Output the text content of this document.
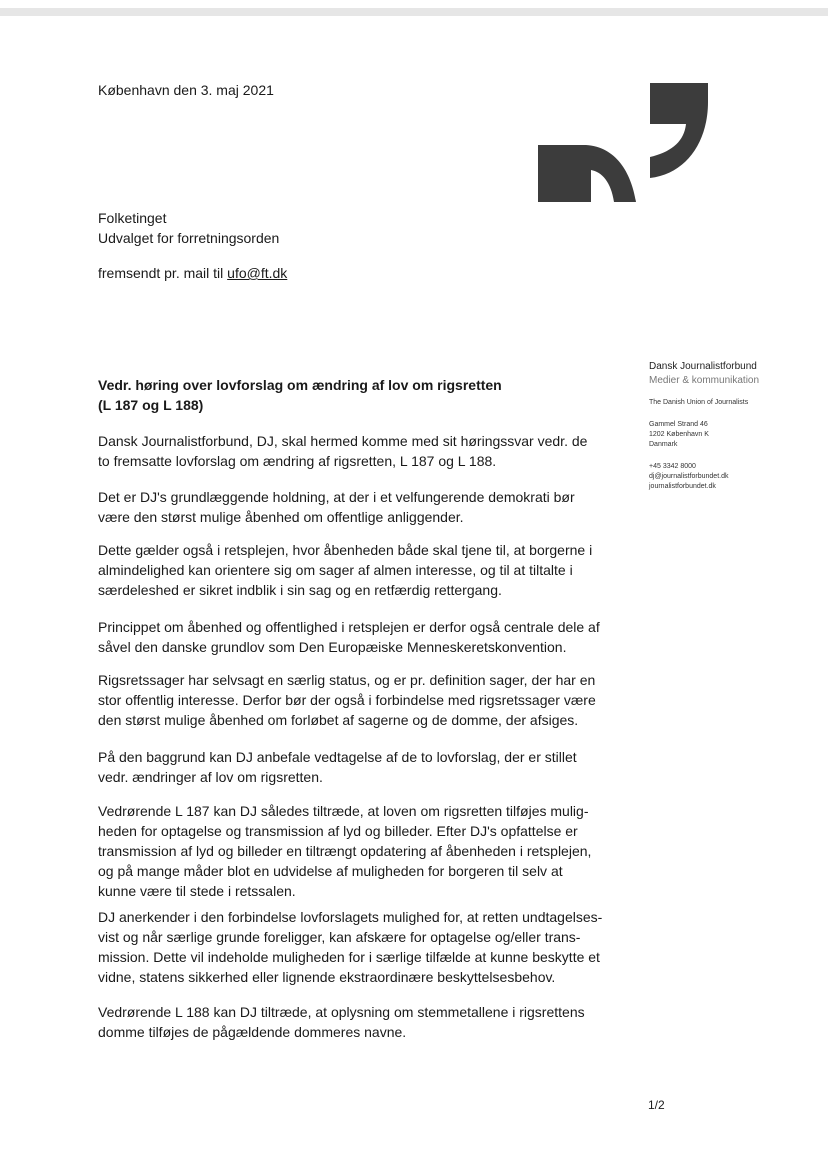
København den 3. maj 2021
Folketinget
Udvalget for forretningsorden
fremsendt pr. mail til ufo@ft.dk
Dansk Journalistforbund
Medier & kommunikation
The Danish Union of Journalists
Gammel Strand 46
1202 København K
Danmark
+45 3342 8000
dj@journalistforbundet.dk
journalistforbundet.dk
Vedr. høring over lovforslag om ændring af lov om rigsretten
(L 187 og L 188)
Dansk Journalistforbund, DJ, skal hermed komme med sit høringssvar vedr. de
to fremsatte lovforslag om ændring af rigsretten, L 187 og L 188.
Det er DJ's grundlæggende holdning, at der i et velfungerende demokrati bør
være den størst mulige åbenhed om offentlige anliggender.
Dette gælder også i retsplejen, hvor åbenheden både skal tjene til, at borgerne i
almindelighed kan orientere sig om sager af almen interesse, og til at tiltalte i
særdeleshed er sikret indblik i sin sag og en retfærdig rettergang.
Princippet om åbenhed og offentlighed i retsplejen er derfor også centrale dele af
såvel den danske grundlov som Den Europæiske Menneskeretskonvention.
Rigsretssager har selvsagt en særlig status, og er pr. definition sager, der har en
stor offentlig interesse. Derfor bør der også i forbindelse med rigsretssager være
den størst mulige åbenhed om forløbet af sagerne og de domme, der afsiges.
På den baggrund kan DJ anbefale vedtagelse af de to lovforslag, der er stillet
vedr. ændringer af lov om rigsretten.
Vedrørende L 187 kan DJ således tiltræde, at loven om rigsretten tilføjes mulig-
heden for optagelse og transmission af lyd og billeder. Efter DJ's opfattelse er
transmission af lyd og billeder en tiltrængt opdatering af åbenheden i retsplejen,
og på mange måder blot en udvidelse af muligheden for borgeren til selv at
kunne være til stede i retssalen.
DJ anerkender i den forbindelse lovforslagets mulighed for, at retten undtagelses-
vist og når særlige grunde foreligger, kan afskære for optagelse og/eller trans-
mission. Dette vil indeholde muligheden for i særlige tilfælde at kunne beskytte et
vidne, statens sikkerhed eller lignende ekstraordinære beskyttelsesbehov.
Vedrørende L 188 kan DJ tiltræde, at oplysning om stemmetallene i rigsrettens
domme tilføjes de pågældende dommeres navne.
1/2
